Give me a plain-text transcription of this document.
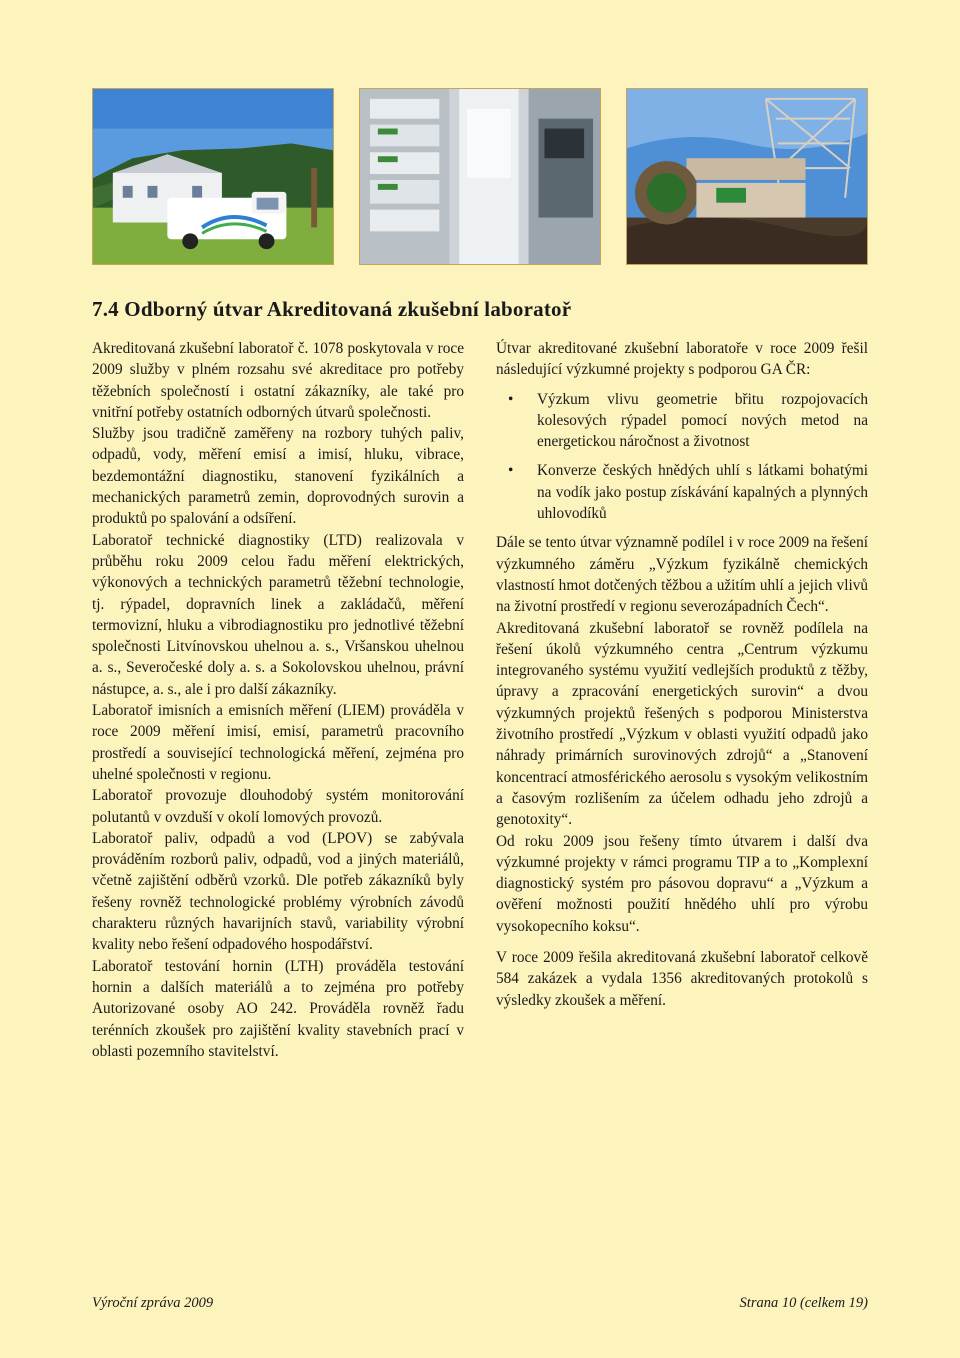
7.4 Odborný útvar Akreditovaná zkušební laboratoř

Akreditovaná zkušební laboratoř č. 1078 poskytovala v roce 2009 služby v plném rozsahu své akreditace pro potřeby těžebních společností i ostatní zákazníky, ale také pro vnitřní potřeby ostatních odborných útvarů společnosti.

Služby jsou tradičně zaměřeny na rozbory tuhých paliv, odpadů, vody, měření emisí a imisí, hluku, vibrace, bezdemontážní diagnostiku, stanovení fyzikálních a mechanických parametrů zemin, doprovodných surovin a produktů po spalování a odsíření.

Laboratoř technické diagnostiky (LTD) realizovala v průběhu roku 2009 celou řadu měření elektrických, výkonových a technických parametrů těžební technologie, tj. rýpadel, dopravních linek a zakládačů, měření termovizní, hluku a vibrodiagnostiku pro jednotlivé těžební společnosti Litvínovskou uhelnou a. s., Vršanskou uhelnou a. s., Severočeské doly a. s. a Sokolovskou uhelnou, právní nástupce, a. s., ale i pro další zákazníky.

Laboratoř imisních a emisních měření (LIEM) prováděla v roce 2009 měření imisí, emisí, parametrů pracovního prostředí a související technologická měření, zejména pro uhelné společnosti v regionu.

Laboratoř provozuje dlouhodobý systém monitorování polutantů v ovzduší v okolí lomových provozů.

Laboratoř paliv, odpadů a vod (LPOV) se zabývala prováděním rozborů paliv, odpadů, vod a jiných materiálů, včetně zajištění odběrů vzorků. Dle potřeb zákazníků byly řešeny rovněž technologické problémy výrobních závodů charakteru různých havarijních stavů, variability výrobní kvality nebo řešení odpadového hospodářství.

Laboratoř testování hornin (LTH) prováděla testování hornin a dalších materiálů a to zejména pro potřeby Autorizované osoby AO 242. Prováděla rovněž řadu terénních zkoušek pro zajištění kvality stavebních prací v oblasti pozemního stavitelství.

Útvar akreditované zkušební laboratoře v roce 2009 řešil následující výzkumné projekty s podporou GA ČR:

• Výzkum vlivu geometrie břitu rozpojovacích kolesových rýpadel pomocí nových metod na energetickou náročnost a životnost
• Konverze českých hnědých uhlí s látkami bohatými na vodík jako postup získávání kapalných a plynných uhlovodíků

Dále se tento útvar významně podílel i v roce 2009 na řešení výzkumného záměru „Výzkum fyzikálně chemických vlastností hmot dotčených těžbou a užitím uhlí a jejich vlivů na životní prostředí v regionu severozápadních Čech“.

Akreditovaná zkušební laboratoř se rovněž podílela na řešení úkolů výzkumného centra „Centrum výzkumu integrovaného systému využití vedlejších produktů z těžby, úpravy a zpracování energetických surovin“ a dvou výzkumných projektů řešených s podporou Ministerstva životního prostředí „Výzkum v oblasti využití odpadů jako náhrady primárních surovinových zdrojů“ a „Stanovení koncentrací atmosférického aerosolu s vysokým velikostním a časovým rozlišením za účelem odhadu jeho zdrojů a genotoxity“.

Od roku 2009 jsou řešeny tímto útvarem i další dva výzkumné projekty v rámci programu TIP a to „Komplexní diagnostický systém pro pásovou dopravu“ a „Výzkum a ověření možnosti použití hnědého uhlí pro výrobu vysokopecního koksu“.

V roce 2009 řešila akreditovaná zkušební laboratoř celkově 584 zakázek a vydala 1356 akreditovaných protokolů s výsledky zkoušek a měření.

Výroční zpráva 2009	Strana 10 (celkem 19)
